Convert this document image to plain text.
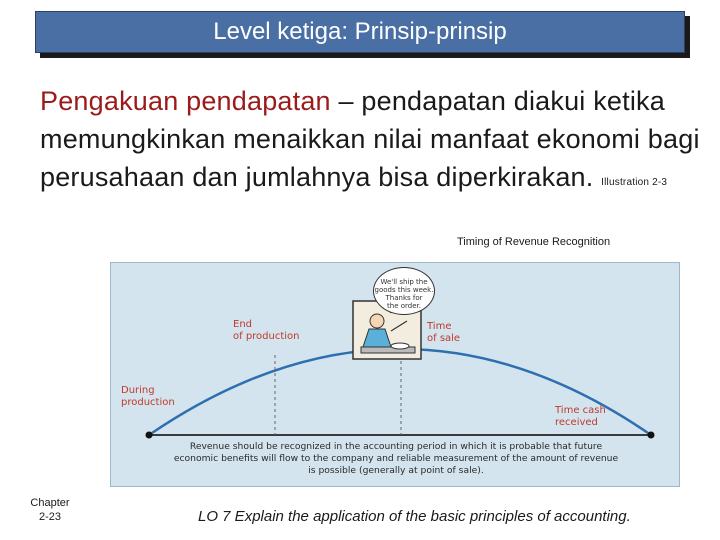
Level ketiga: Prinsip-prinsip
Pengakuan pendapatan – pendapatan diakui ketika memungkinkan menaikkan nilai manfaat ekonomi bagi perusahaan dan jumlahnya bisa diperkirakan. Illustration 2-3
Timing of Revenue Recognition
We'll ship the
goods this week.
Thanks for
the order.
End
of production
Time
of sale
During
production
Time cash
received
Revenue should be recognized in the accounting period in which it is probable that future
economic benefits will flow to the company and reliable measurement of the amount of revenue
is possible (generally at point of sale).
Chapter
2-23	LO 7 Explain the application of the basic principles of accounting.
